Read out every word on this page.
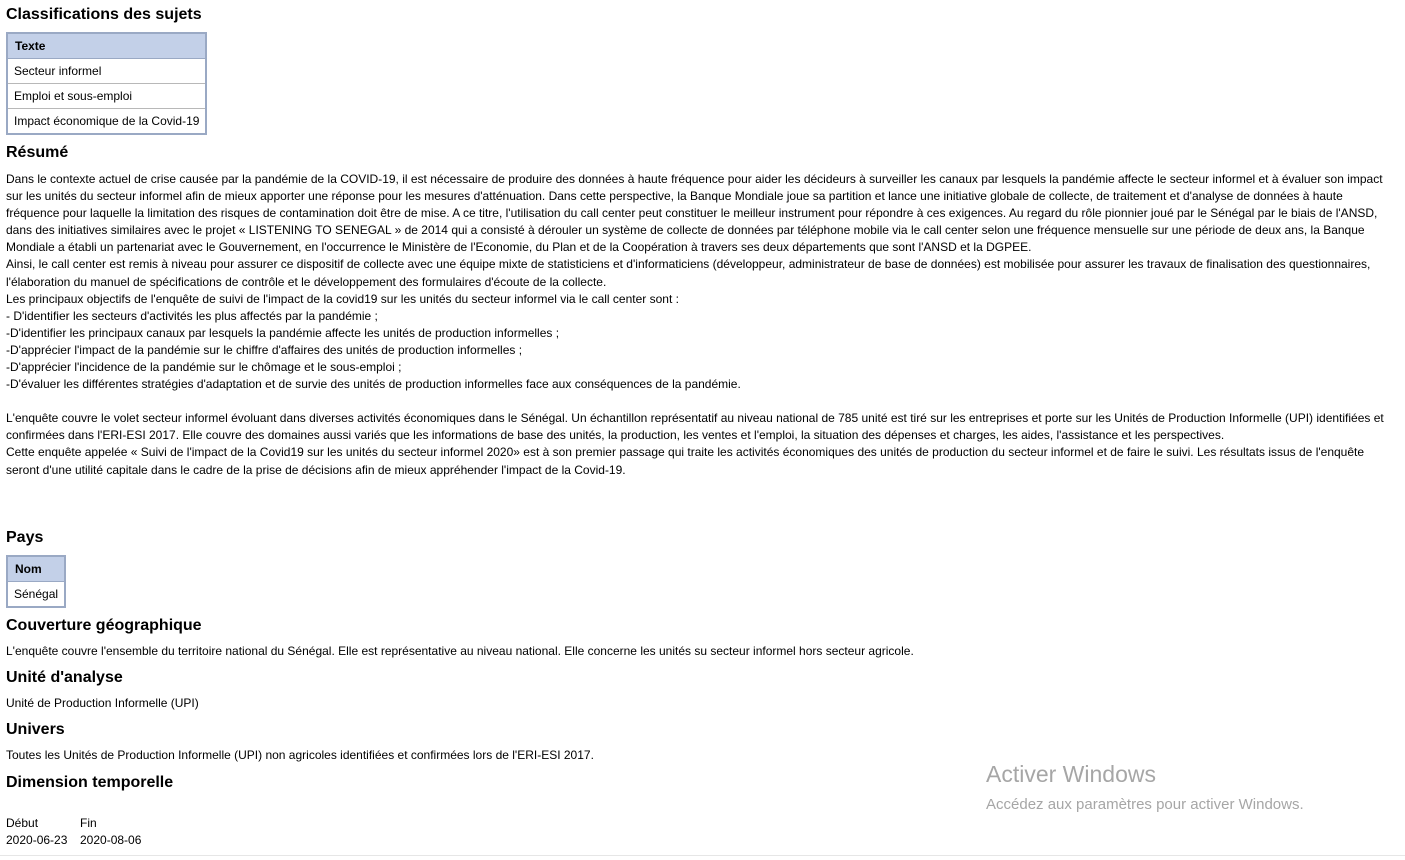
Classifications des sujets
Texte
Secteur informel
Emploi et sous-emploi
Impact économique de la Covid-19
Résumé
Dans le contexte actuel de crise causée par la pandémie de la COVID-19, il est nécessaire de produire des données à haute fréquence pour aider les décideurs à surveiller les canaux par lesquels la pandémie affecte le secteur informel et à évaluer son impact sur les unités du secteur informel afin de mieux apporter une réponse pour les mesures d'atténuation. Dans cette perspective, la Banque Mondiale joue sa partition et lance une initiative globale de collecte, de traitement et d'analyse de données à haute fréquence pour laquelle la limitation des risques de contamination doit être de mise. A ce titre, l'utilisation du call center peut constituer le meilleur instrument pour répondre à ces exigences. Au regard du rôle pionnier joué par le Sénégal par le biais de l'ANSD, dans des initiatives similaires avec le projet « LISTENING TO SENEGAL » de 2014 qui a consisté à dérouler un système de collecte de données par téléphone mobile via le call center selon une fréquence mensuelle sur une période de deux ans, la Banque Mondiale a établi un partenariat avec le Gouvernement, en l'occurrence le Ministère de l'Economie, du Plan et de la Coopération à travers ses deux départements que sont l'ANSD et la DGPEE.
Ainsi, le call center est remis à niveau pour assurer ce dispositif de collecte avec une équipe mixte de statisticiens et d'informaticiens (développeur, administrateur de base de données) est mobilisée pour assurer les travaux de finalisation des questionnaires, l'élaboration du manuel de spécifications de contrôle et le développement des formulaires d'écoute de la collecte.
Les principaux objectifs de l'enquête de suivi de l'impact de la covid19 sur les unités du secteur informel via le call center sont :
- D'identifier les secteurs d'activités les plus affectés par la pandémie ;
-D'identifier les principaux canaux par lesquels la pandémie affecte les unités de production informelles ;
-D'apprécier l'impact de la pandémie sur le chiffre d'affaires des unités de production informelles ;
-D'apprécier l'incidence de la pandémie sur le chômage et le sous-emploi ;
-D'évaluer les différentes stratégies d'adaptation et de survie des unités de production informelles face aux conséquences de la pandémie.
L'enquête couvre le volet secteur informel évoluant dans diverses activités économiques dans le Sénégal. Un échantillon représentatif au niveau national de 785 unité est tiré sur les entreprises et porte sur les Unités de Production Informelle (UPI) identifiées et confirmées dans l'ERI-ESI 2017. Elle couvre des domaines aussi variés que les informations de base des unités, la production, les ventes et l'emploi, la situation des dépenses et charges, les aides, l'assistance et les perspectives.
Cette enquête appelée « Suivi de l'impact de la Covid19 sur les unités du secteur informel 2020» est à son premier passage qui traite les activités économiques des unités de production du secteur informel et de faire le suivi. Les résultats issus de l'enquête seront d'une utilité capitale dans le cadre de la prise de décisions afin de mieux appréhender l'impact de la Covid-19.
Pays
Nom
Sénégal
Couverture géographique
L'enquête couvre l'ensemble du territoire national du Sénégal. Elle est représentative au niveau national. Elle concerne les unités su secteur informel hors secteur agricole.
Unité d'analyse
Unité de Production Informelle (UPI)
Univers
Toutes les Unités de Production Informelle (UPI) non agricoles identifiées et confirmées lors de l'ERI-ESI 2017.
Dimension temporelle
Début	Fin
2020-06-23	2020-08-06
Activer Windows
Accédez aux paramètres pour activer Windows.
